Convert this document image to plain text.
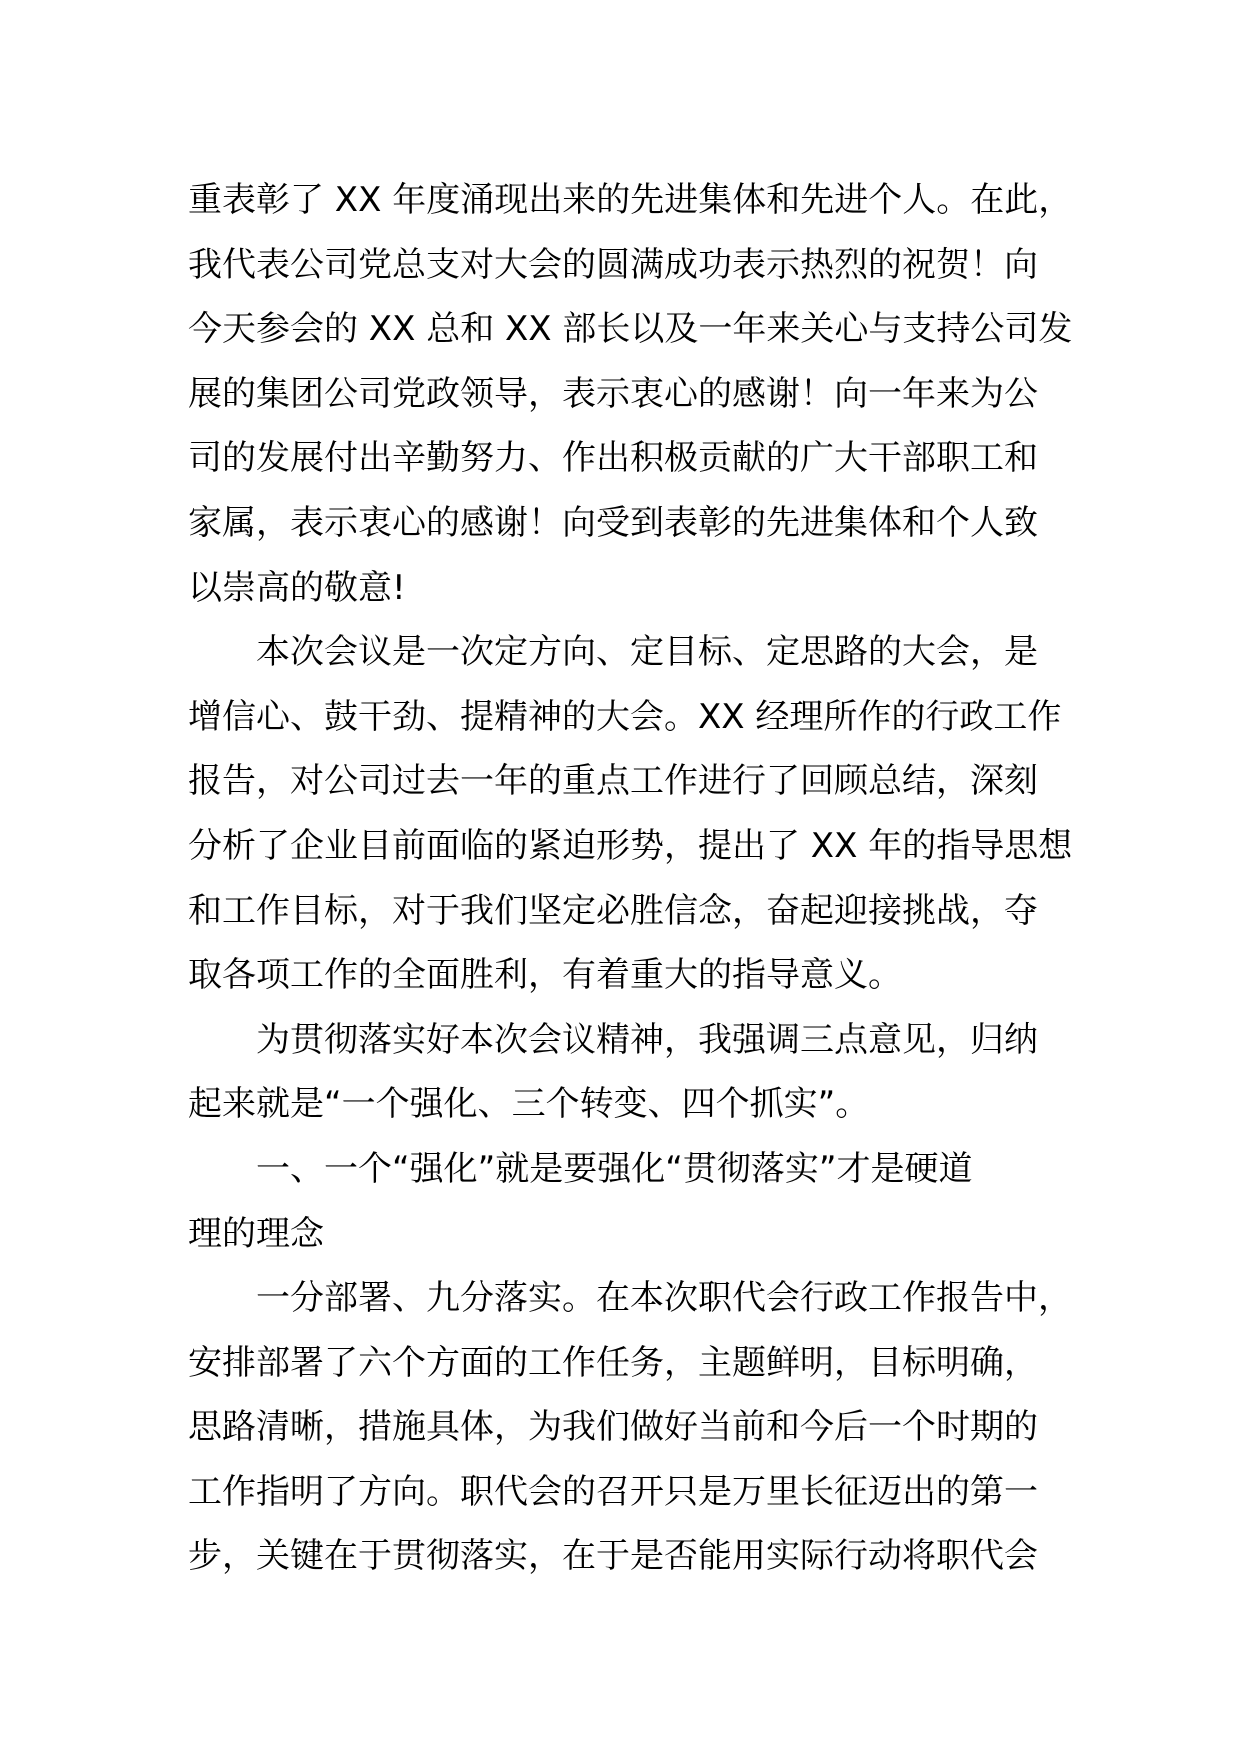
重表彰了 XX 年度涌现出来的先进集体和先进个人。在此，
我代表公司党总支对大会的圆满成功表示热烈的祝贺！向
今天参会的 XX 总和 XX 部长以及一年来关心与支持公司发
展的集团公司党政领导，表示衷心的感谢！向一年来为公
司的发展付出辛勤努力、作出积极贡献的广大干部职工和
家属，表示衷心的感谢！向受到表彰的先进集体和个人致
以崇高的敬意!
本次会议是一次定方向、定目标、定思路的大会，是
增信心、鼓干劲、提精神的大会。XX 经理所作的行政工作
报告，对公司过去一年的重点工作进行了回顾总结，深刻
分析了企业目前面临的紧迫形势，提出了 XX 年的指导思想
和工作目标，对于我们坚定必胜信念，奋起迎接挑战，夺
取各项工作的全面胜利，有着重大的指导意义。
为贯彻落实好本次会议精神，我强调三点意见，归纳
起来就是“一个强化、三个转变、四个抓实”。
一、一个“强化”就是要强化“贯彻落实”才是硬道
理的理念
一分部署、九分落实。在本次职代会行政工作报告中，
安排部署了六个方面的工作任务，主题鲜明，目标明确，
思路清晰，措施具体，为我们做好当前和今后一个时期的
工作指明了方向。职代会的召开只是万里长征迈出的第一
步，关键在于贯彻落实，在于是否能用实际行动将职代会
